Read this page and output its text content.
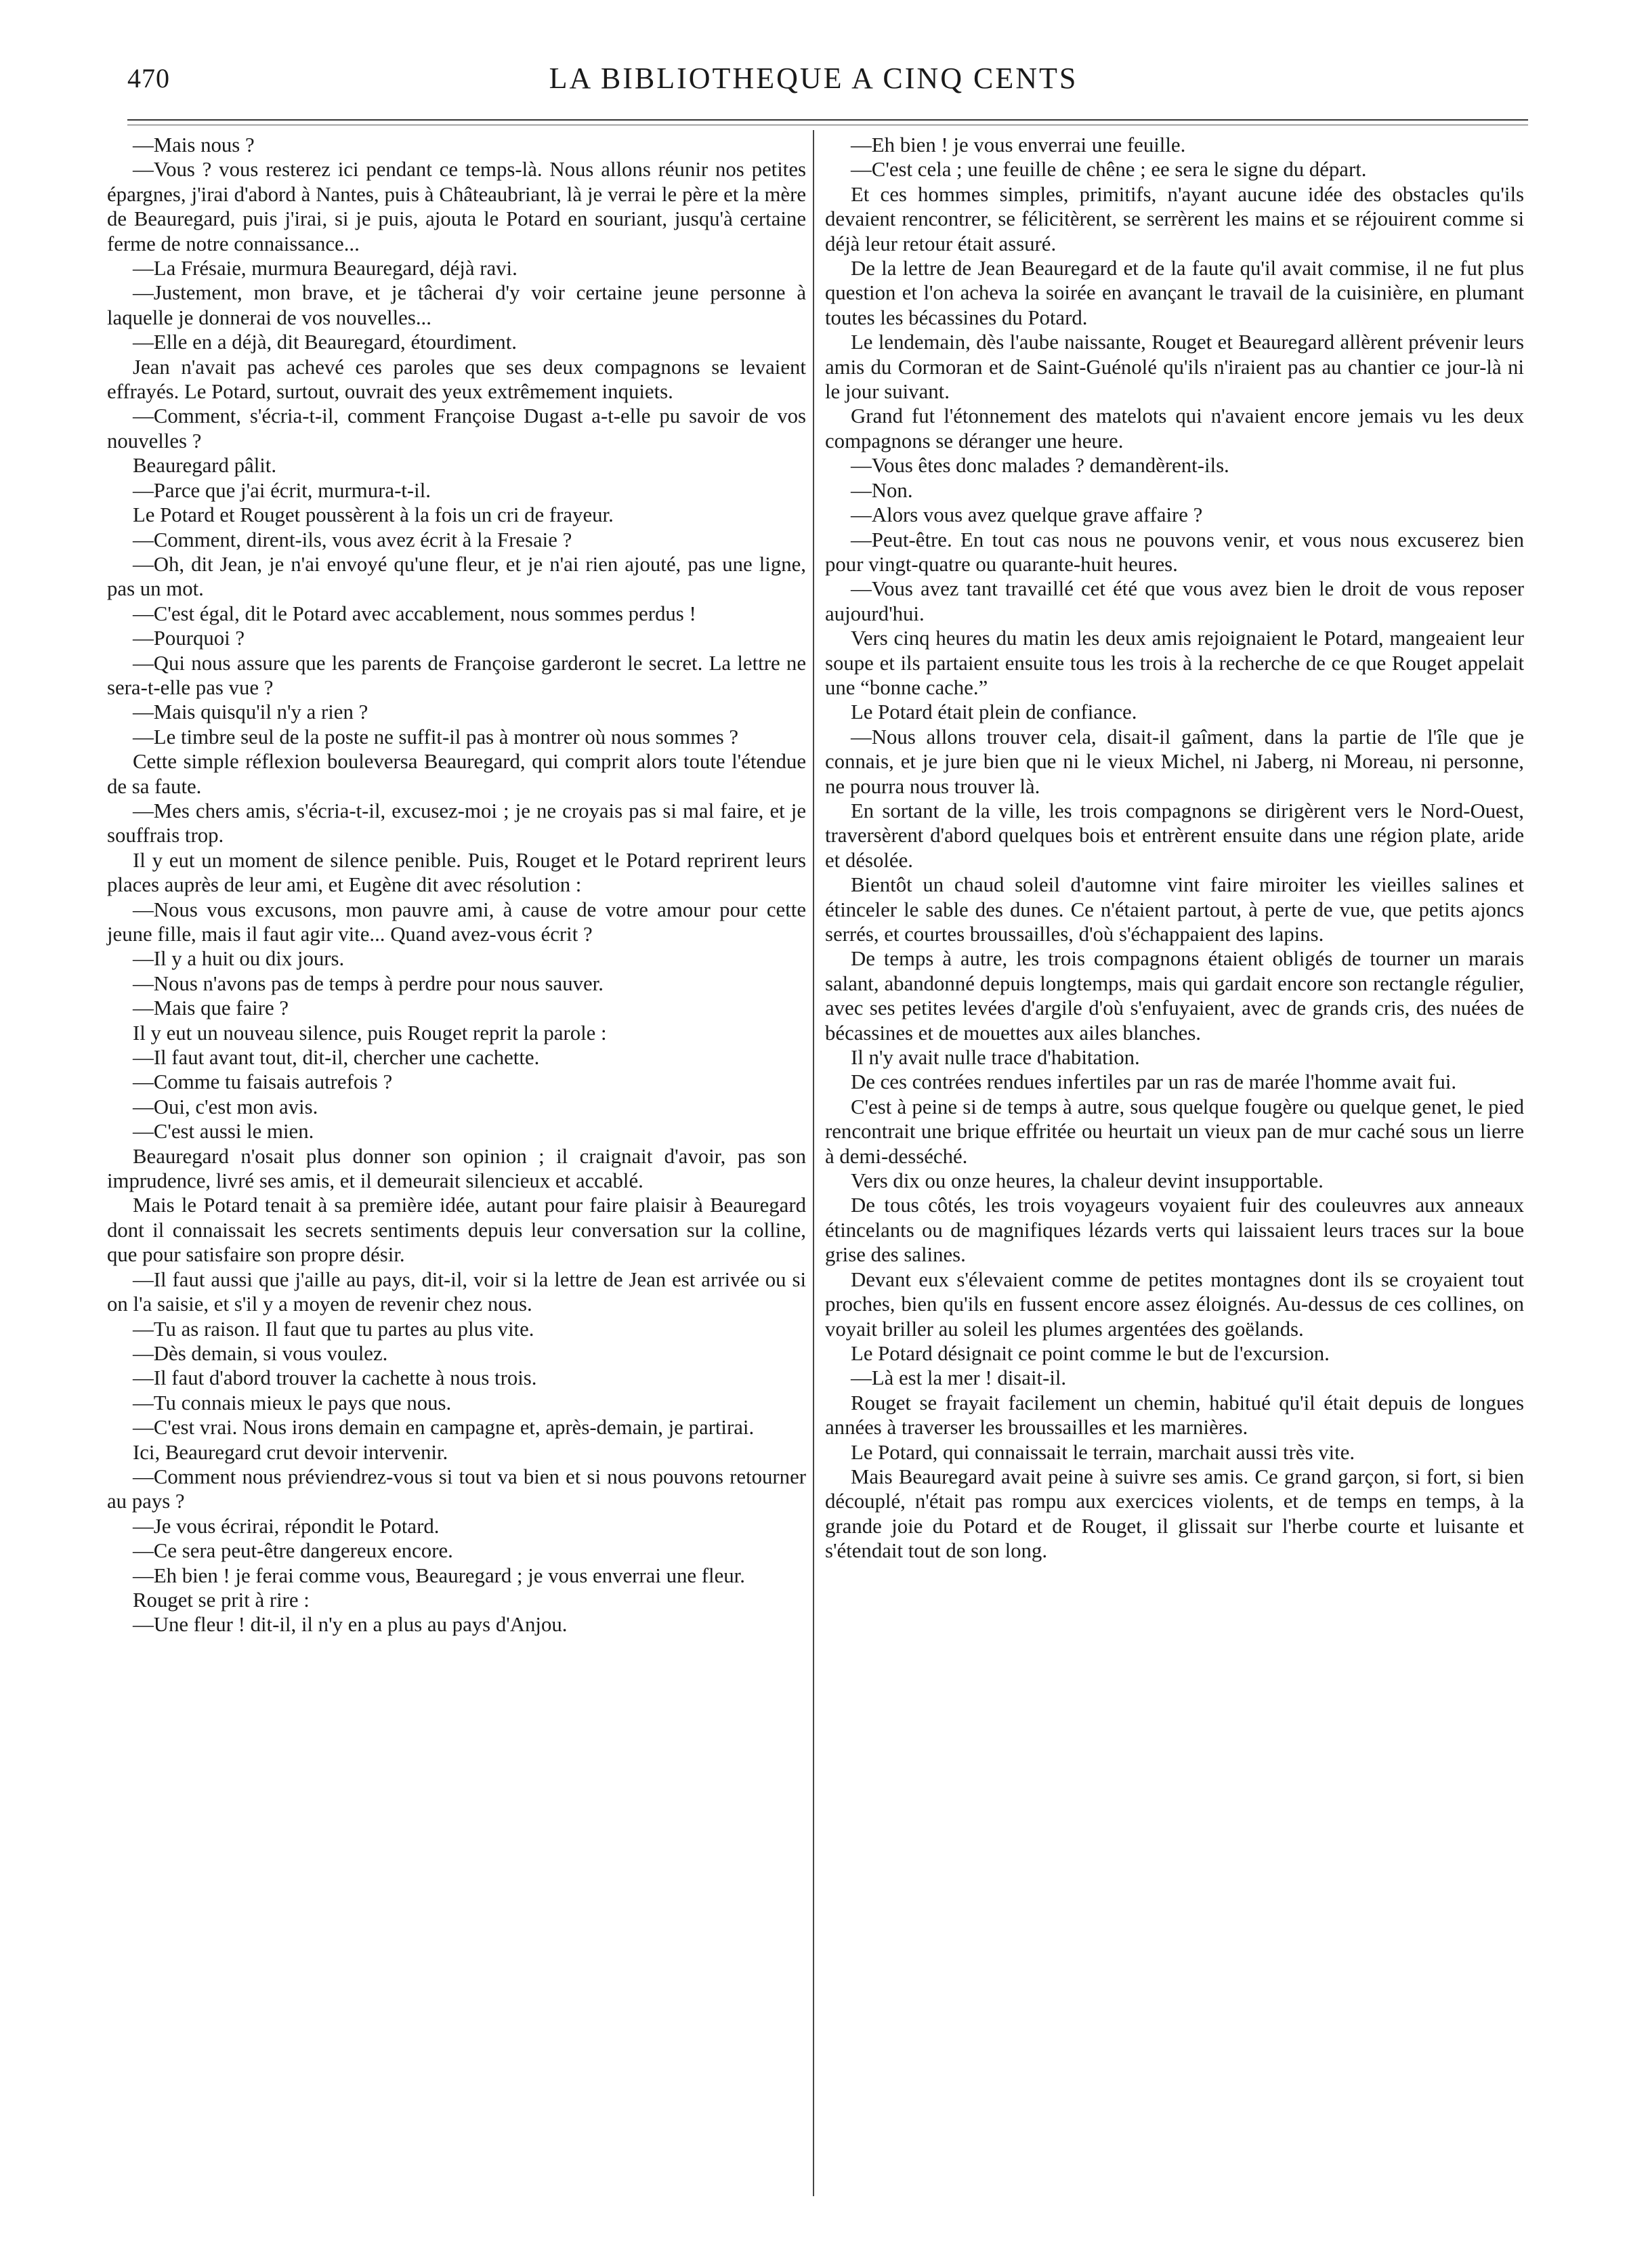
470	LA BIBLIOTHEQUE A CINQ CENTS

—Mais nous ?

—Vous ? vous resterez ici pendant ce temps-là. Nous allons réunir nos petites épargnes, j'irai d'abord à Nantes, puis à Châteaubriant, là je verrai le père et la mère de Beauregard, puis j'irai, si je puis, ajouta le Potard en souriant, jusqu'à certaine ferme de notre connaissance...

—La Frésaie, murmura Beauregard, déjà ravi.

—Justement, mon brave, et je tâcherai d'y voir certaine jeune personne à laquelle je donnerai de vos nouvelles...

—Elle en a déjà, dit Beauregard, étourdiment.

Jean n'avait pas achevé ces paroles que ses deux compagnons se levaient effrayés. Le Potard, surtout, ouvrait des yeux extrêmement inquiets.

—Comment, s'écria-t-il, comment Françoise Dugast a-t-elle pu savoir de vos nouvelles ?

Beauregard pâlit.

—Parce que j'ai écrit, murmura-t-il.

Le Potard et Rouget poussèrent à la fois un cri de frayeur.

—Comment, dirent-ils, vous avez écrit à la Fresaie ?

—Oh, dit Jean, je n'ai envoyé qu'une fleur, et je n'ai rien ajouté, pas une ligne, pas un mot.

—C'est égal, dit le Potard avec accablement, nous sommes perdus !

—Pourquoi ?

—Qui nous assure que les parents de Françoise garderont le secret. La lettre ne sera-t-elle pas vue ?

—Mais quisqu'il n'y a rien ?

—Le timbre seul de la poste ne suffit-il pas à montrer où nous sommes ?

Cette simple réflexion bouleversa Beauregard, qui comprit alors toute l'étendue de sa faute.

—Mes chers amis, s'écria-t-il, excusez-moi ; je ne croyais pas si mal faire, et je souffrais trop.

Il y eut un moment de silence penible. Puis, Rouget et le Potard reprirent leurs places auprès de leur ami, et Eugène dit avec résolution :

—Nous vous excusons, mon pauvre ami, à cause de votre amour pour cette jeune fille, mais il faut agir vite... Quand avez-vous écrit ?

—Il y a huit ou dix jours.

—Nous n'avons pas de temps à perdre pour nous sauver.

—Mais que faire ?

Il y eut un nouveau silence, puis Rouget reprit la parole :

—Il faut avant tout, dit-il, chercher une cachette.

—Comme tu faisais autrefois ?

—Oui, c'est mon avis.

—C'est aussi le mien.

Beauregard n'osait plus donner son opinion ; il craignait d'avoir, pas son imprudence, livré ses amis, et il demeurait silencieux et accablé.

Mais le Potard tenait à sa première idée, autant pour faire plaisir à Beauregard dont il connaissait les secrets sentiments depuis leur conversation sur la colline, que pour satisfaire son propre désir.

—Il faut aussi que j'aille au pays, dit-il, voir si la lettre de Jean est arrivée ou si on l'a saisie, et s'il y a moyen de revenir chez nous.

—Tu as raison. Il faut que tu partes au plus vite.

—Dès demain, si vous voulez.

—Il faut d'abord trouver la cachette à nous trois.

—Tu connais mieux le pays que nous.

—C'est vrai. Nous irons demain en campagne et, après-demain, je partirai.

Ici, Beauregard crut devoir intervenir.

—Comment nous préviendrez-vous si tout va bien et si nous pouvons retourner au pays ?

—Je vous écrirai, répondit le Potard.

—Ce sera peut-être dangereux encore.

—Eh bien ! je ferai comme vous, Beauregard ; je vous enverrai une fleur.

Rouget se prit à rire :

—Une fleur ! dit-il, il n'y en a plus au pays d'Anjou.

—Eh bien ! je vous enverrai une feuille.

—C'est cela ; une feuille de chêne ; ee sera le signe du départ.

Et ces hommes simples, primitifs, n'ayant aucune idée des obstacles qu'ils devaient rencontrer, se félicitèrent, se serrèrent les mains et se réjouirent comme si déjà leur retour était assuré.

De la lettre de Jean Beauregard et de la faute qu'il avait commise, il ne fut plus question et l'on acheva la soirée en avançant le travail de la cuisinière, en plumant toutes les bécassines du Potard.

Le lendemain, dès l'aube naissante, Rouget et Beauregard allèrent prévenir leurs amis du Cormoran et de Saint-Guénolé qu'ils n'iraient pas au chantier ce jour-là ni le jour suivant.

Grand fut l'étonnement des matelots qui n'avaient encore jemais vu les deux compagnons se déranger une heure.

—Vous êtes donc malades ? demandèrent-ils.

—Non.

—Alors vous avez quelque grave affaire ?

—Peut-être. En tout cas nous ne pouvons venir, et vous nous excuserez bien pour vingt-quatre ou quarante-huit heures.

—Vous avez tant travaillé cet été que vous avez bien le droit de vous reposer aujourd'hui.

Vers cinq heures du matin les deux amis rejoignaient le Potard, mangeaient leur soupe et ils partaient ensuite tous les trois à la recherche de ce que Rouget appelait une “bonne cache.”

Le Potard était plein de confiance.

—Nous allons trouver cela, disait-il gaîment, dans la partie de l'île que je connais, et je jure bien que ni le vieux Michel, ni Jaberg, ni Moreau, ni personne, ne pourra nous trouver là.

En sortant de la ville, les trois compagnons se dirigèrent vers le Nord-Ouest, traversèrent d'abord quelques bois et entrèrent ensuite dans une région plate, aride et désolée.

Bientôt un chaud soleil d'automne vint faire miroiter les vieilles salines et étinceler le sable des dunes. Ce n'étaient partout, à perte de vue, que petits ajoncs serrés, et courtes broussailles, d'où s'échappaient des lapins.

De temps à autre, les trois compagnons étaient obligés de tourner un marais salant, abandonné depuis longtemps, mais qui gardait encore son rectangle régulier, avec ses petites levées d'argile d'où s'enfuyaient, avec de grands cris, des nuées de bécassines et de mouettes aux ailes blanches.

Il n'y avait nulle trace d'habitation.

De ces contrées rendues infertiles par un ras de marée l'homme avait fui.

C'est à peine si de temps à autre, sous quelque fougère ou quelque genet, le pied rencontrait une brique effritée ou heurtait un vieux pan de mur caché sous un lierre à demi-desséché.

Vers dix ou onze heures, la chaleur devint insupportable.

De tous côtés, les trois voyageurs voyaient fuir des couleuvres aux anneaux étincelants ou de magnifiques lézards verts qui laissaient leurs traces sur la boue grise des salines.

Devant eux s'élevaient comme de petites montagnes dont ils se croyaient tout proches, bien qu'ils en fussent encore assez éloignés. Au-dessus de ces collines, on voyait briller au soleil les plumes argentées des goëlands.

Le Potard désignait ce point comme le but de l'excursion.

—Là est la mer ! disait-il.

Rouget se frayait facilement un chemin, habitué qu'il était depuis de longues années à traverser les broussailles et les marnières.

Le Potard, qui connaissait le terrain, marchait aussi très vite.

Mais Beauregard avait peine à suivre ses amis. Ce grand garçon, si fort, si bien découplé, n'était pas rompu aux exercices violents, et de temps en temps, à la grande joie du Potard et de Rouget, il glissait sur l'herbe courte et luisante et s'étendait tout de son long.
